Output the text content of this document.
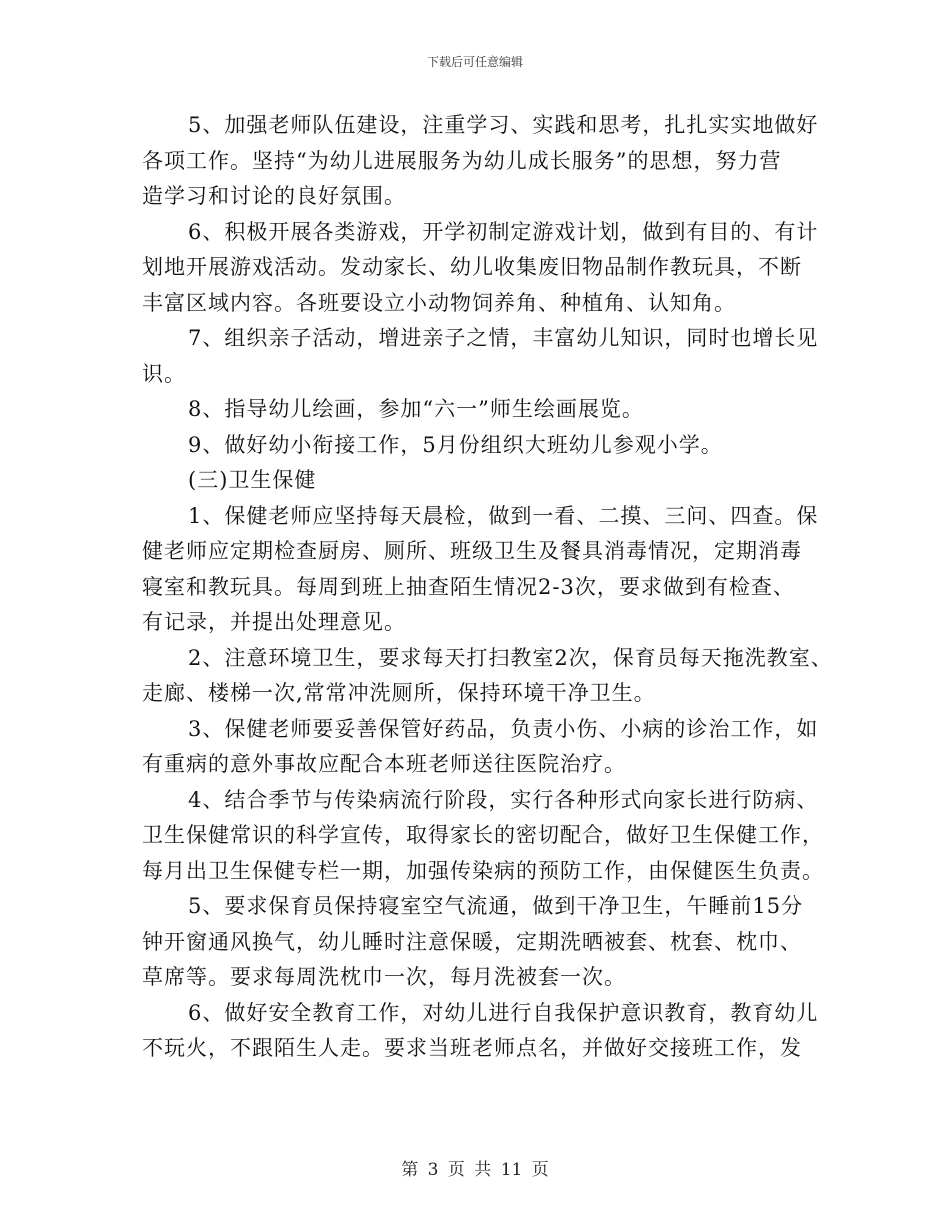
下载后可任意编辑
5、加强老师队伍建设，注重学习、实践和思考，扎扎实实地做好
各项工作。坚持“为幼儿进展服务为幼儿成长服务”的思想，努力营
造学习和讨论的良好氛围。
6、积极开展各类游戏，开学初制定游戏计划，做到有目的、有计
划地开展游戏活动。发动家长、幼儿收集废旧物品制作教玩具，不断
丰富区域内容。各班要设立小动物饲养角、种植角、认知角。
7、组织亲子活动，增进亲子之情，丰富幼儿知识，同时也增长见
识。
8、指导幼儿绘画，参加“六一”师生绘画展览。
9、做好幼小衔接工作，5月份组织大班幼儿参观小学。
(三)卫生保健
1、保健老师应坚持每天晨检，做到一看、二摸、三问、四查。保
健老师应定期检查厨房、厕所、班级卫生及餐具消毒情况，定期消毒
寝室和教玩具。每周到班上抽查陌生情况2-3次，要求做到有检查、
有记录，并提出处理意见。
2、注意环境卫生，要求每天打扫教室2次，保育员每天拖洗教室、
走廊、楼梯一次,常常冲洗厕所，保持环境干净卫生。
3、保健老师要妥善保管好药品，负责小伤、小病的诊治工作，如
有重病的意外事故应配合本班老师送往医院治疗。
4、结合季节与传染病流行阶段，实行各种形式向家长进行防病、
卫生保健常识的科学宣传，取得家长的密切配合，做好卫生保健工作，
每月出卫生保健专栏一期，加强传染病的预防工作，由保健医生负责。
5、要求保育员保持寝室空气流通，做到干净卫生，午睡前15分
钟开窗通风换气，幼儿睡时注意保暖，定期洗晒被套、枕套、枕巾、
草席等。要求每周洗枕巾一次，每月洗被套一次。
6、做好安全教育工作，对幼儿进行自我保护意识教育，教育幼儿
不玩火，不跟陌生人走。要求当班老师点名，并做好交接班工作，发
第 3 页 共 11 页
